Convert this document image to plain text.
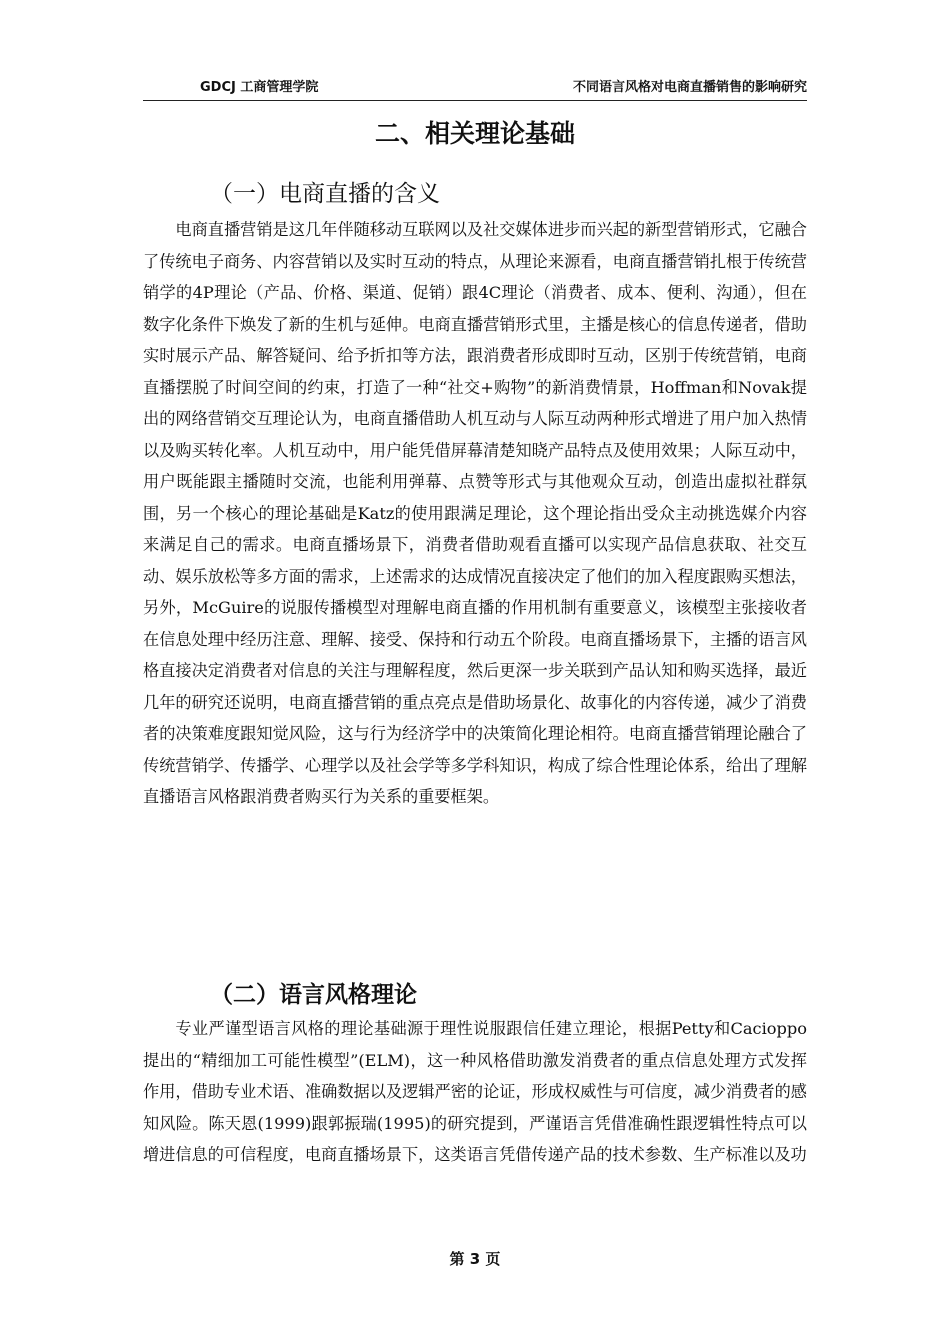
GDCJ 工商管理学院	不同语言风格对电商直播销售的影响研究
二、相关理论基础
（一）电商直播的含义

电商直播营销是这几年伴随移动互联网以及社交媒体进步而兴起的新型营销形式，它融合了传统电子商务、内容营销以及实时互动的特点，从理论来源看，电商直播营销扎根于传统营销学的4P理论（产品、价格、渠道、促销）跟4C理论（消费者、成本、便利、沟通），但在数字化条件下焕发了新的生机与延伸。电商直播营销形式里，主播是核心的信息传递者，借助实时展示产品、解答疑问、给予折扣等方法，跟消费者形成即时互动，区别于传统营销，电商直播摆脱了时间空间的约束，打造了一种“社交+购物”的新消费情景，Hoffman和Novak提出的网络营销交互理论认为，电商直播借助人机互动与人际互动两种形式增进了用户加入热情以及购买转化率。人机互动中，用户能凭借屏幕清楚知晓产品特点及使用效果；人际互动中，用户既能跟主播随时交流，也能利用弹幕、点赞等形式与其他观众互动，创造出虚拟社群氛围，另一个核心的理论基础是Katz的使用跟满足理论，这个理论指出受众主动挑选媒介内容来满足自己的需求。电商直播场景下，消费者借助观看直播可以实现产品信息获取、社交互动、娱乐放松等多方面的需求，上述需求的达成情况直接决定了他们的加入程度跟购买想法，另外，McGuire的说服传播模型对理解电商直播的作用机制有重要意义，该模型主张接收者在信息处理中经历注意、理解、接受、保持和行动五个阶段。电商直播场景下，主播的语言风格直接决定消费者对信息的关注与理解程度，然后更深一步关联到产品认知和购买选择，最近几年的研究还说明，电商直播营销的重点亮点是借助场景化、故事化的内容传递，减少了消费者的决策难度跟知觉风险，这与行为经济学中的决策简化理论相符。电商直播营销理论融合了传统营销学、传播学、心理学以及社会学等多学科知识，构成了综合性理论体系，给出了理解直播语言风格跟消费者购买行为关系的重要框架。

（二）语言风格理论

专业严谨型语言风格的理论基础源于理性说服跟信任建立理论，根据Petty和Cacioppo提出的“精细加工可能性模型”(ELM)，这一种风格借助激发消费者的重点信息处理方式发挥作用，借助专业术语、准确数据以及逻辑严密的论证，形成权威性与可信度，减少消费者的感知风险。陈天恩(1999)跟郭振瑞(1995)的研究提到，严谨语言凭借准确性跟逻辑性特点可以增进信息的可信程度，电商直播场景下，这类语言凭借传递产品的技术参数、生产标准以及功

第 3 页
